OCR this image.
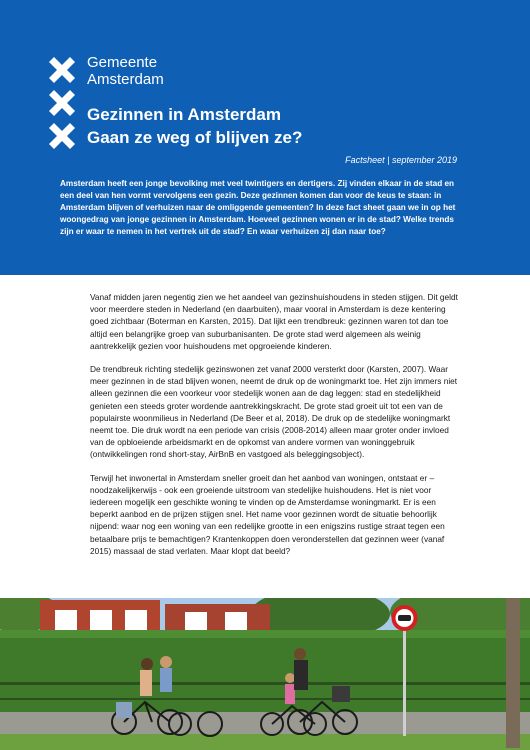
Gemeente
Amsterdam
Gezinnen in Amsterdam
Gaan ze weg of blijven ze?
Factsheet | september 2019
Amsterdam heeft een jonge bevolking met veel twintigers en dertigers. Zij vinden elkaar in de stad en een deel van hen vormt vervolgens een gezin. Deze gezinnen komen dan voor de keus te staan: in Amsterdam blijven of verhuizen naar de omliggende gemeenten? In deze fact sheet gaan we in op het woongedrag van jonge gezinnen in Amsterdam. Hoeveel gezinnen wonen er in de stad? Welke trends zijn er waar te nemen in het vertrek uit de stad? En waar verhuizen zij dan naar toe?

Vanaf midden jaren negentig zien we het aandeel van gezinshuishoudens in steden stijgen. Dit geldt voor meerdere steden in Nederland (en daarbuiten), maar vooral in Amsterdam is deze kentering goed zichtbaar (Boterman en Karsten, 2015). Dat lijkt een trendbreuk: gezinnen waren tot dan toe altijd een belangrijke groep van suburbanisanten. De grote stad werd algemeen als weinig aantrekkelijk gezien voor huishoudens met opgroeiende kinderen.

De trendbreuk richting stedelijk gezinswonen zet vanaf 2000 versterkt door (Karsten, 2007). Waar meer gezinnen in de stad blijven wonen, neemt de druk op de woningmarkt toe. Het zijn immers niet alleen gezinnen die een voorkeur voor stedelijk wonen aan de dag leggen: stad en stedelijkheid genieten een steeds groter wordende aantrekkingskracht. De grote stad groeit uit tot een van de populairste woonmilieus in Nederland (De Beer et al, 2018). De druk op de stedelijke woningmarkt neemt toe. Die druk wordt na een periode van crisis (2008-2014) alleen maar groter onder invloed van de opbloeiende arbeidsmarkt en de opkomst van andere vormen van woninggebruik (ontwikkelingen rond short-stay, AirBnB en vastgoed als beleggingsobject).

Terwijl het inwonertal in Amsterdam sneller groeit dan het aanbod van woningen, ontstaat er – noodzakelijkerwijs - ook een groeiende uitstroom van stedelijke huishoudens. Het is niet voor iedereen mogelijk een geschikte woning te vinden op de Amsterdamse woningmarkt. Er is een beperkt aanbod en de prijzen stijgen snel. Het name voor gezinnen wordt de situatie behoorlijk nijpend: waar nog een woning van een redelijke grootte in een enigszins rustige straat tegen een betaalbare prijs te bemachtigen? Krantenkoppen doen veronderstellen dat gezinnen weer (vanaf 2015) massaal de stad verlaten. Maar klopt dat beeld?
